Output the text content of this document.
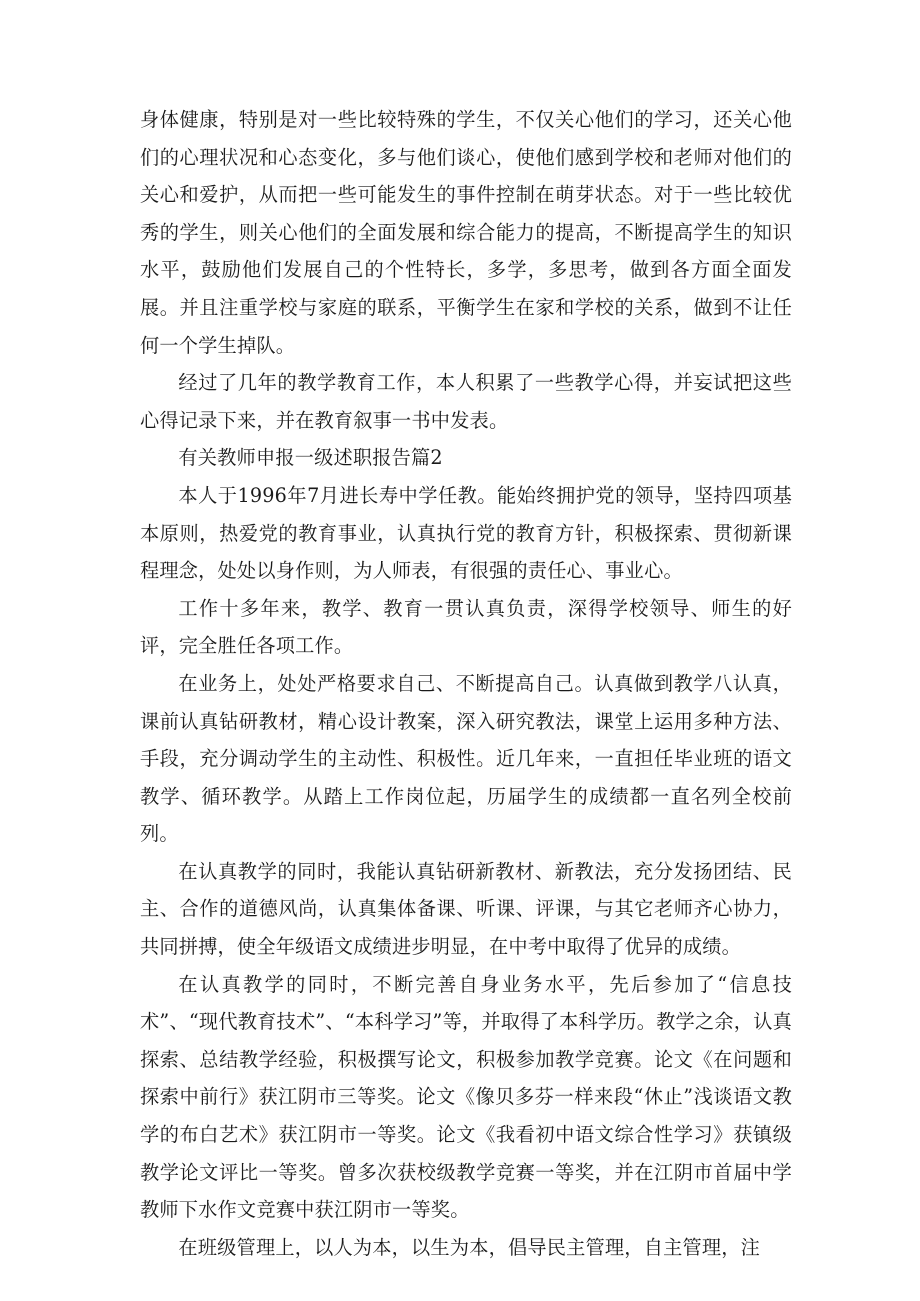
身体健康，特别是对一些比较特殊的学生，不仅关心他们的学习，还关心他们的心理状况和心态变化，多与他们谈心，使他们感到学校和老师对他们的关心和爱护，从而把一些可能发生的事件控制在萌芽状态。对于一些比较优秀的学生，则关心他们的全面发展和综合能力的提高，不断提高学生的知识水平，鼓励他们发展自己的个性特长，多学，多思考，做到各方面全面发展。并且注重学校与家庭的联系，平衡学生在家和学校的关系，做到不让任何一个学生掉队。

经过了几年的教学教育工作，本人积累了一些教学心得，并妄试把这些心得记录下来，并在教育叙事一书中发表。

有关教师申报一级述职报告篇2

本人于1996年7月进长寿中学任教。能始终拥护党的领导，坚持四项基本原则，热爱党的教育事业，认真执行党的教育方针，积极探索、贯彻新课程理念，处处以身作则，为人师表，有很强的责任心、事业心。

工作十多年来，教学、教育一贯认真负责，深得学校领导、师生的好评，完全胜任各项工作。

在业务上，处处严格要求自己、不断提高自己。认真做到教学八认真，课前认真钻研教材，精心设计教案，深入研究教法，课堂上运用多种方法、手段，充分调动学生的主动性、积极性。近几年来，一直担任毕业班的语文教学、循环教学。从踏上工作岗位起，历届学生的成绩都一直名列全校前列。

在认真教学的同时，我能认真钻研新教材、新教法，充分发扬团结、民主、合作的道德风尚，认真集体备课、听课、评课，与其它老师齐心协力，共同拼搏，使全年级语文成绩进步明显，在中考中取得了优异的成绩。

在认真教学的同时，不断完善自身业务水平，先后参加了“信息技术”、“现代教育技术”、“本科学习”等，并取得了本科学历。教学之余，认真探索、总结教学经验，积极撰写论文，积极参加教学竞赛。论文《在问题和探索中前行》获江阴市三等奖。论文《像贝多芬一样来段“休止”浅谈语文教学的布白艺术》获江阴市一等奖。论文《我看初中语文综合性学习》获镇级教学论文评比一等奖。曾多次获校级教学竞赛一等奖，并在江阴市首届中学教师下水作文竞赛中获江阴市一等奖。

在班级管理上，以人为本，以生为本，倡导民主管理，自主管理，注
